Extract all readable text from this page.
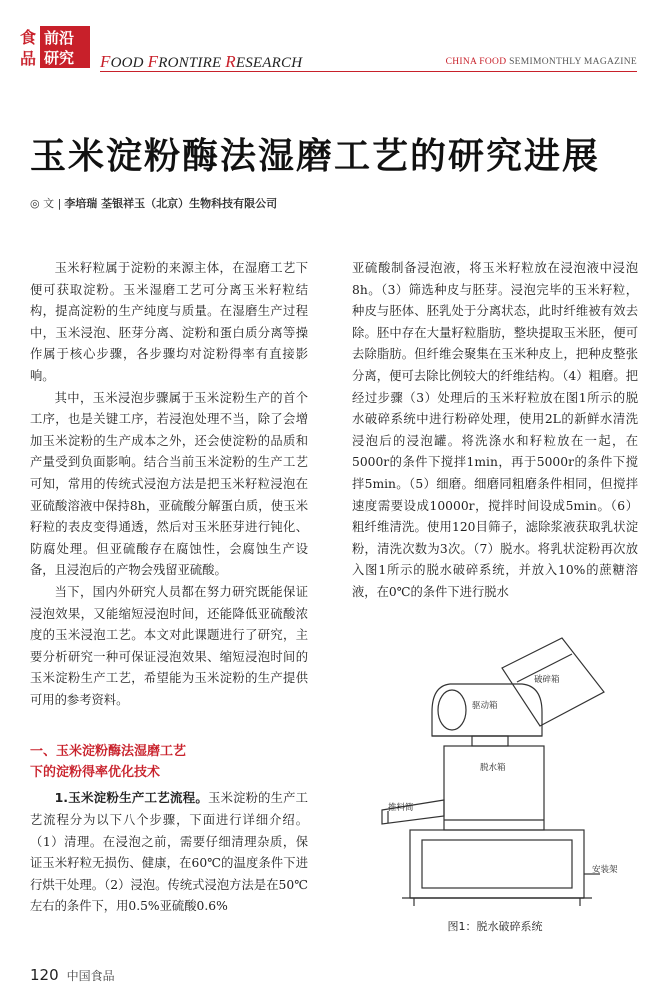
食
品
前沿
研究 FOOD FRONTIRE RESEARCH	CHINA FOOD SEMIMONTHLY MAGAZINE
玉米淀粉酶法湿磨工艺的研究进展
◎ 文 | 李培瑞 荃银祥玉（北京）生物科技有限公司

玉米籽粒属于淀粉的来源主体，在湿磨工艺下便可获取淀粉。玉米湿磨工艺可分离玉米籽粒结构，提高淀粉的生产纯度与质量。在湿磨生产过程中，玉米浸泡、胚芽分离、淀粉和蛋白质分离等操作属于核心步骤，各步骤均对淀粉得率有直接影响。

其中，玉米浸泡步骤属于玉米淀粉生产的首个工序，也是关键工序，若浸泡处理不当，除了会增加玉米淀粉的生产成本之外，还会使淀粉的品质和产量受到负面影响。结合当前玉米淀粉的生产工艺可知，常用的传统式浸泡方法是把玉米籽粒浸泡在亚硫酸溶液中保持8h，亚硫酸分解蛋白质，使玉米籽粒的表皮变得通透，然后对玉米胚芽进行钝化、防腐处理。但亚硫酸存在腐蚀性，会腐蚀生产设备，且浸泡后的产物会残留亚硫酸。

当下，国内外研究人员都在努力研究既能保证浸泡效果，又能缩短浸泡时间，还能降低亚硫酸浓度的玉米浸泡工艺。本文对此课题进行了研究，主要分析研究一种可保证浸泡效果、缩短浸泡时间的玉米淀粉生产工艺，希望能为玉米淀粉的生产提供可用的参考资料。

一、玉米淀粉酶法湿磨工艺
下的淀粉得率优化技术

1.玉米淀粉生产工艺流程。玉米淀粉的生产工艺流程分为以下八个步骤，下面进行详细介绍。（1）清理。在浸泡之前，需要仔细清理杂质，保证玉米籽粒无损伤、健康，在60℃的温度条件下进行烘干处理。（2）浸泡。传统式浸泡方法是在50℃左右的条件下，用0.5%亚硫酸0.6%

亚硫酸制备浸泡液，将玉米籽粒放在浸泡液中浸泡8h。（3）筛选种皮与胚芽。浸泡完毕的玉米籽粒，种皮与胚体、胚乳处于分离状态，此时纤维被有效去除。胚中存在大量籽粒脂肪，整块提取玉米胚，便可去除脂肪。但纤维会聚集在玉米种皮上，把种皮整张分离，便可去除比例较大的纤维结构。（4）粗磨。把经过步骤（3）处理后的玉米籽粒放在图1所示的脱水破碎系统中进行粉碎处理，使用2L的新鲜水清洗浸泡后的浸泡罐。将洗涤水和籽粒放在一起，在5000r的条件下搅拌1min，再于5000r的条件下搅拌5min。（5）细磨。细磨同粗磨条件相同，但搅拌速度需要设成10000r，搅拌时间设成5min。（6）粗纤维清洗。使用120目筛子，滤除浆液获取乳状淀粉，清洗次数为3次。（7）脱水。将乳状淀粉再次放入图1所示的脱水破碎系统，并放入10%的蔗糖溶液，在0℃的条件下进行脱水

破碎箱
驱动箱
脱水箱
推料筒
安装架
图1：脱水破碎系统
120 中国食品
